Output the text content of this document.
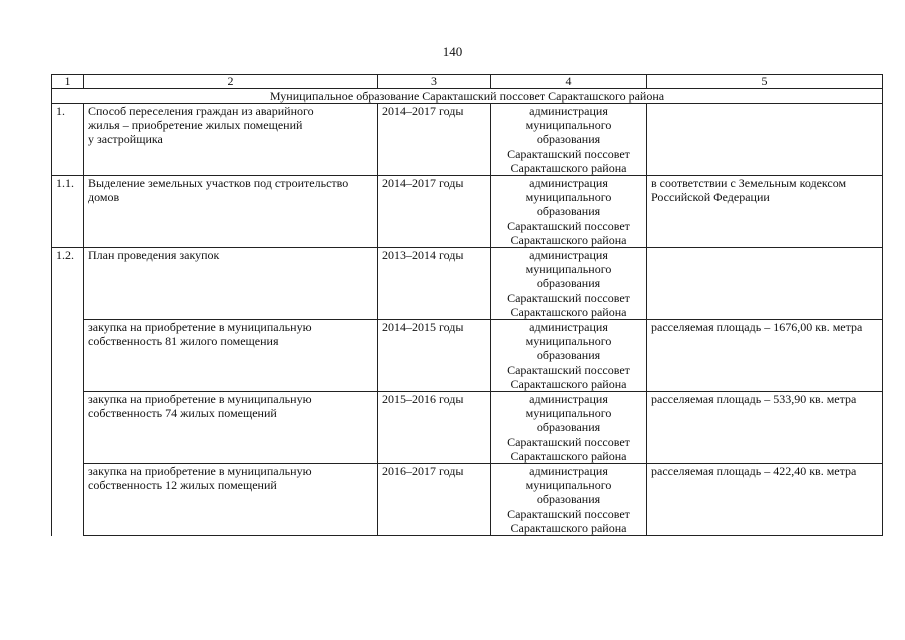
140
1	2	3	4	5
Муниципальное образование Саракташский поссовет Саракташского района				
1.	Способ переселения граждан из аварийного
жилья – приобретение жилых помещений
у застройщика	2014–2017 годы	администрация
муниципального
образования
Саракташский поссовет
Саракташского района	

1.1.	Выделение земельных участков под строительство
домов	2014–2017 годы	администрация
муниципального
образования
Саракташский поссовет
Саракташского района	в соответствии с Земельным кодексом
Российской Федерации

1.2.	План проведения закупок	2013–2014 годы	администрация
муниципального
образования
Саракташский поссовет
Саракташского района	

	закупка на приобретение в муниципальную
собственность 81 жилого помещения	2014–2015 годы	администрация
муниципального
образования
Саракташский поссовет
Саракташского района	расселяемая площадь – 1676,00 кв. метра

	закупка на приобретение в муниципальную
собственность 74 жилых помещений	2015–2016 годы	администрация
муниципального
образования
Саракташский поссовет
Саракташского района	расселяемая площадь – 533,90 кв. метра

	закупка на приобретение в муниципальную
собственность 12 жилых помещений	2016–2017 годы	администрация
муниципального
образования
Саракташский поссовет
Саракташского района	расселяемая площадь – 422,40 кв. метра
